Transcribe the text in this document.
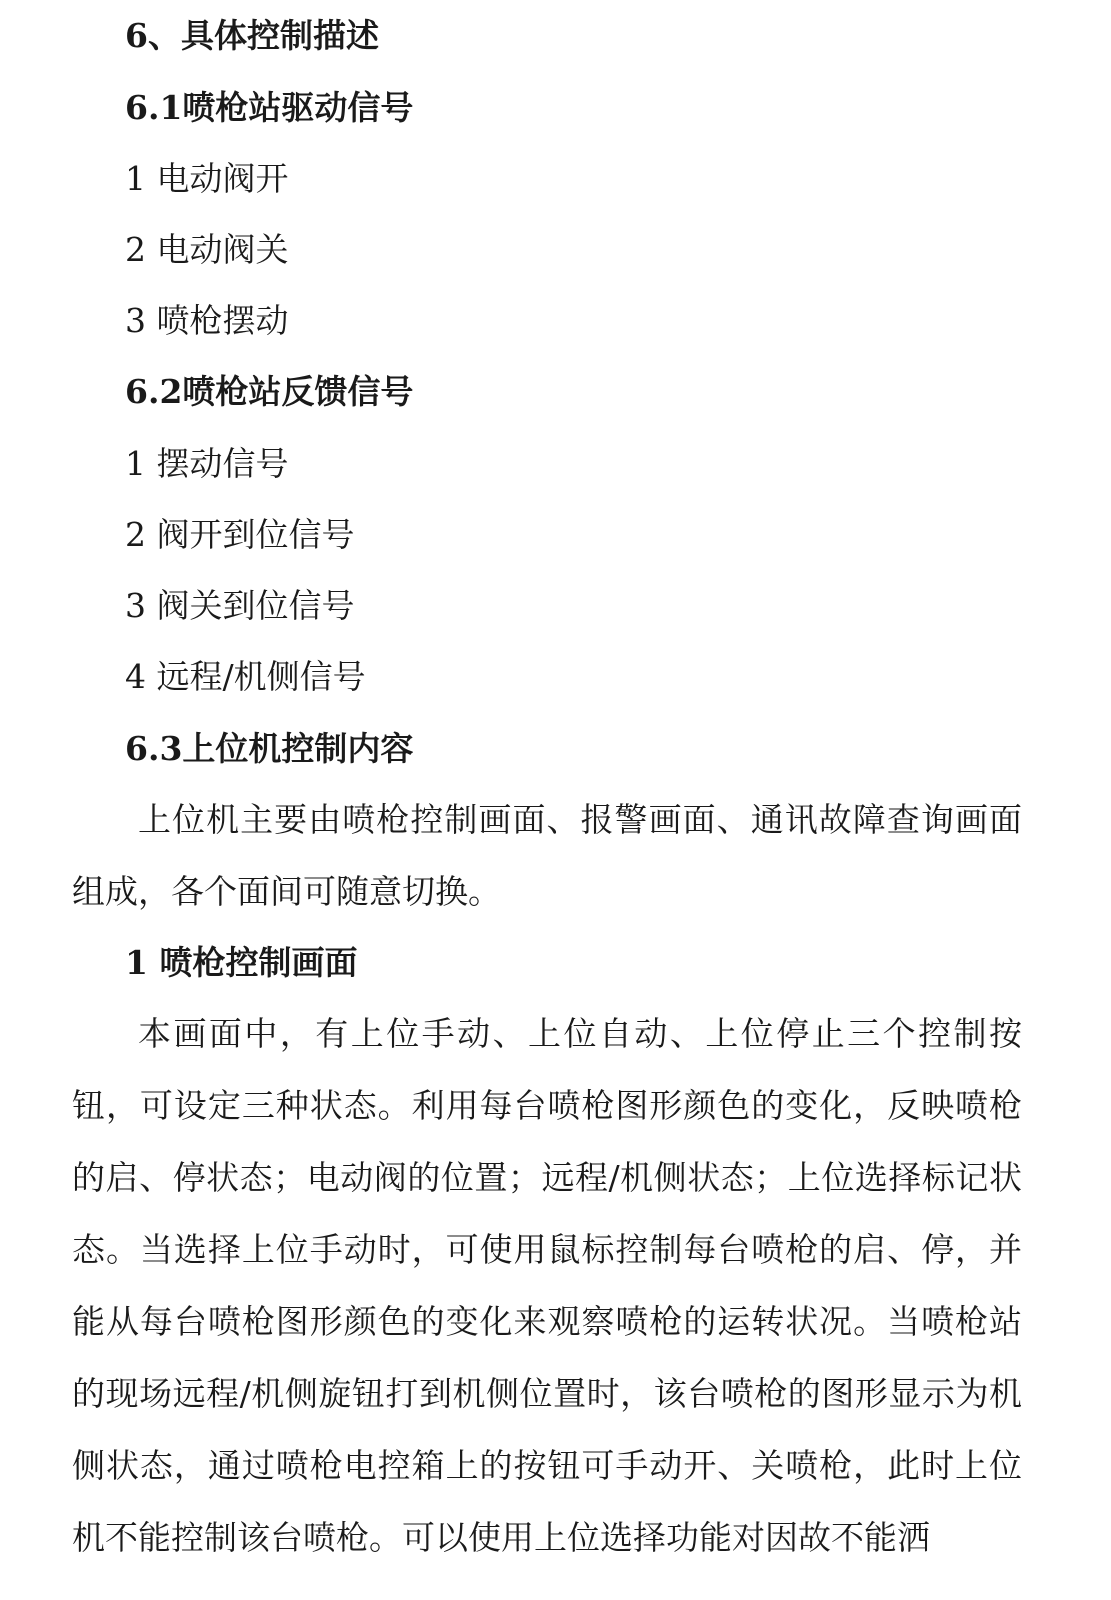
6、具体控制描述
6.1喷枪站驱动信号
1 电动阀开
2 电动阀关
3 喷枪摆动
6.2喷枪站反馈信号
1 摆动信号
2 阀开到位信号
3 阀关到位信号
4 远程/机侧信号
6.3上位机控制内容

上位机主要由喷枪控制画面、报警画面、通讯故障查询画面组成，各个面间可随意切换。

1 喷枪控制画面

本画面中，有上位手动、上位自动、上位停止三个控制按钮，可设定三种状态。利用每台喷枪图形颜色的变化，反映喷枪的启、停状态；电动阀的位置；远程/机侧状态；上位选择标记状态。当选择上位手动时，可使用鼠标控制每台喷枪的启、停，并能从每台喷枪图形颜色的变化来观察喷枪的运转状况。当喷枪站的现场远程/机侧旋钮打到机侧位置时，该台喷枪的图形显示为机侧状态，通过喷枪电控箱上的按钮可手动开、关喷枪，此时上位机不能控制该台喷枪。可以使用上位选择功能对因故不能洒
